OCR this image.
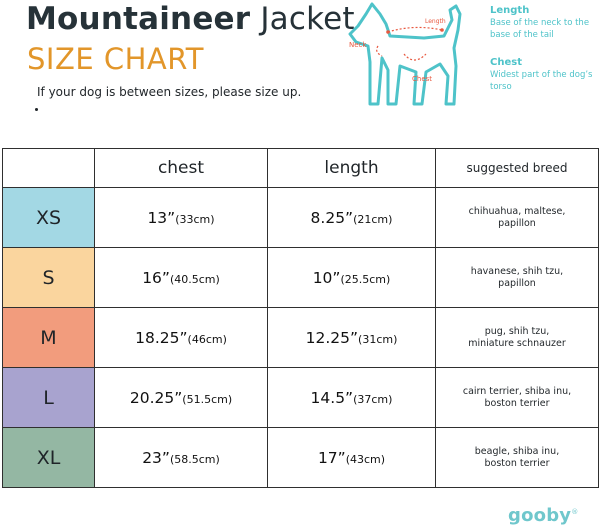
Mountaineer Jacket
SIZE CHART
If your dog is between sizes, please size up.
Neck
Length
Chest
Length
Base of the neck to the base of the tail
Chest
Widest part of the dog’s torso
	chest	length	suggested breed
XS	13”(33cm)	8.25”(21cm)	chihuahua, maltese,
papillon

S	16”(40.5cm)	10”(25.5cm)	havanese, shih tzu,
papillon

M	18.25”(46cm)	12.25”(31cm)	pug, shih tzu,
miniature schnauzer

L	20.25”(51.5cm)	14.5”(37cm)	cairn terrier, shiba inu,
boston terrier

XL	23”(58.5cm)	17”(43cm)	beagle, shiba inu,
boston terrier
gooby®
